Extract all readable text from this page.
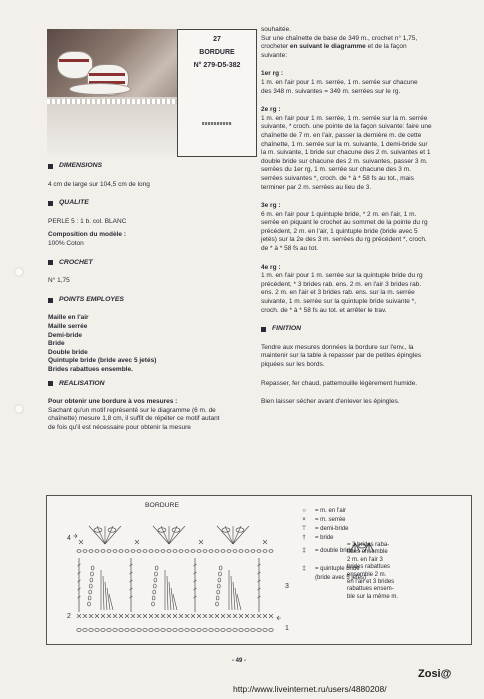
27
BORDURE
N° 279-D5-382
DIMENSIONS

4 cm de large sur 104,5 cm de long

QUALITE

PERLE 5 : 1 b. col. BLANC

Composition du modèle :

100% Coton

CROCHET

N° 1,75

POINTS EMPLOYES

Maille en l'air

Maille serrée

Demi-bride

Bride

Double bride

Quintuple bride (bride avec 5 jetés)

Brides rabattues ensemble.

REALISATION

Pour obtenir une bordure à vos mesures :

Sachant qu'un motif représenté sur le diagramme (6 m. de

chaînette) mesure 1,8 cm, il suffit de répéter ce motif autant

de fois qu'il est nécessaire pour obtenir la mesure

souhaitée.

Sur une chaînette de base de 349 m., crochet n° 1,75,

crocheter en suivant le diagramme et de la façon

suivante:

1er rg :

1 m. en l'air pour 1 m. serrée, 1 m. serrée sur chacune

des 348 m. suivantes = 349 m. serrées sur le rg.

2e rg :

1 m. en l'air pour 1 m. serrée, 1 m. serrée sur la m. serrée

suivante, * croch. une pointe de la façon suivante: faire une

chaînette de 7 m. en l'air, passer la dernière m. de cette

chaînette, 1 m. serrée sur la m. suivante, 1 demi-bride sur

la m. suivante, 1 bride sur chacune des 2 m. suivantes et 1

double bride sur chacune des 2 m. suivantes, passer 3 m.

serrées du 1er rg, 1 m. serrée sur chacune des 3 m.

serrées suivantes *, croch. de * à * 58 fs au tot., mais

terminer par 2 m. serrées au lieu de 3.

3e rg :

6 m. en l'air pour 1 quintuple bride, * 2 m. en l'air, 1 m.

serrée en piquant le crochet au sommet de la pointe du rg

précédent, 2 m. en l'air, 1 quintuple bride (bride avec 5

jetés) sur la 2e des 3 m. serrées du rg précédent *, croch.

de * à * 58 fs au tot.

4e rg :

1 m. en l'air pour 1 m. serrée sur la quintuple bride du rg

précédent, * 3 brides rab. ens. 2 m. en l'air 3 brides rab.

ens. 2 m. en l'air et 3 brides rab. ens. sur la m. serrée

suivante, 1 m. serrée sur la quintuple bride suivante *,

croch. de * à * 58 fs au tot. et arrêter le trav.

FINITION

Tendre aux mesures données la bordure sur l'env., la

maintenir sur la table à repasser par de petites épingles

piquées sur les bords.

Repasser, fer chaud, pattemouille légèrement humide.

Bien laisser sécher avant d'enlever les épingles.

BORDURE
4
3
2
1
○	= m. en l'air
×	= m. serrée
⊤	= demi-bride
†	= bride
‡	= double bride
‡	= quintuple bride
(bride avec 5 jetés)
= 3 brides raba-
ttues ensemble
2 m. en l'air 3
brides rabattues
ensemble 2 m.
en l'air et 3 brides
rabattues ensem-
ble sur la même m.
- 49 -
Zosi@
http://www.liveinternet.ru/users/4880208/
